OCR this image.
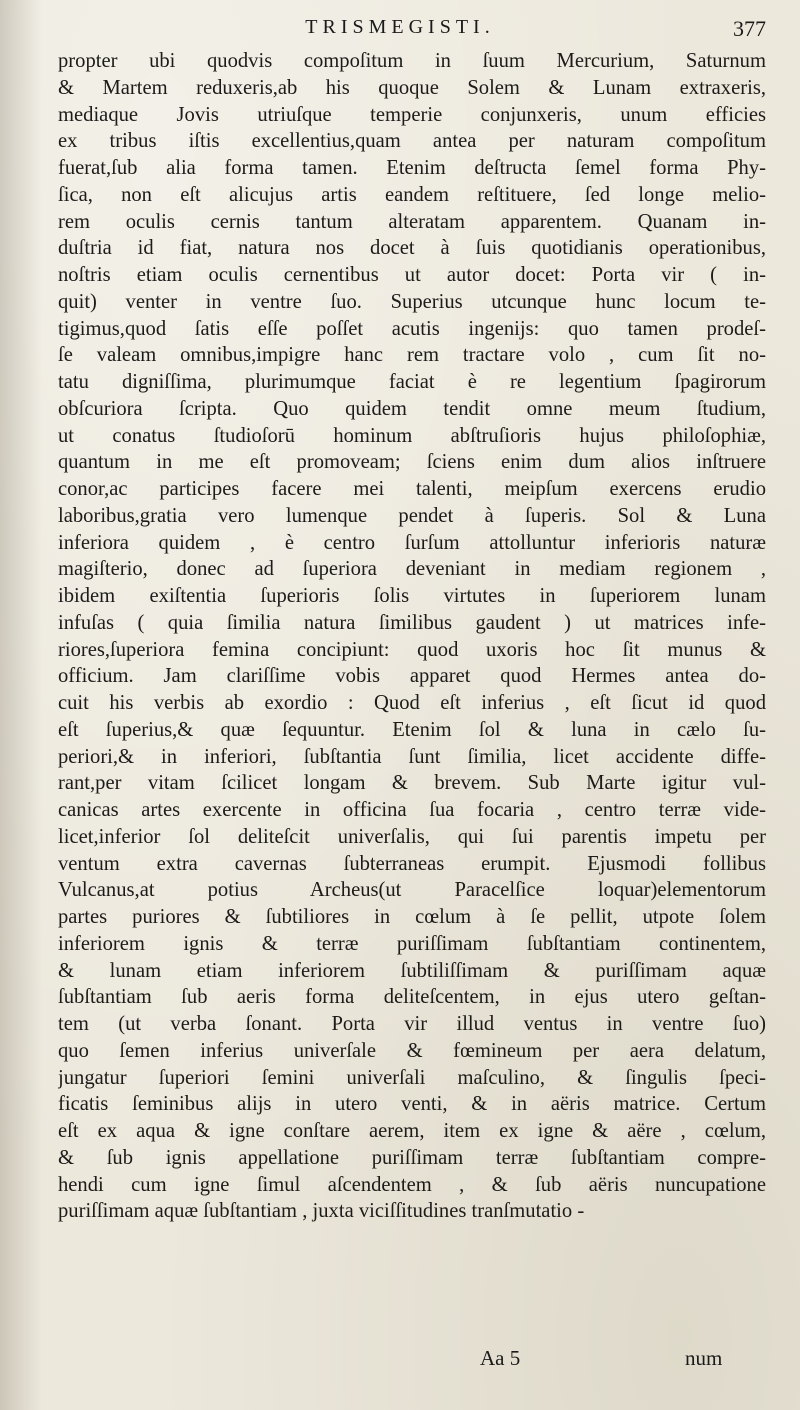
TRISMEGISTI.	377
propter ubi quodvis compoſitum in ſuum Mercurium, Saturnum
& Martem reduxeris,ab his quoque Solem & Lunam extraxeris,
mediaque Jovis utriuſque temperie conjunxeris, unum efficies
ex tribus iſtis excellentius,quam antea per naturam compoſitum
fuerat,ſub alia forma tamen. Etenim deſtructa ſemel forma Phy-
ſica, non eſt alicujus artis eandem reſtituere, ſed longe melio-
rem oculis cernis tantum alteratam apparentem. Quanam in-
duſtria id fiat, natura nos docet à ſuis quotidianis operationibus,
noſtris etiam oculis cernentibus ut autor docet: Porta vir ( in-
quit) venter in ventre ſuo. Superius utcunque hunc locum te-
tigimus,quod ſatis eſſe poſſet acutis ingenijs: quo tamen prodeſ-
ſe valeam omnibus,impigre hanc rem tractare volo , cum ſit no-
tatu digniſſima, plurimumque faciat è re legentium ſpagirorum
obſcuriora ſcripta. Quo quidem tendit omne meum ſtudium,
ut conatus ſtudioſorū hominum abſtruſioris hujus philoſophiæ,
quantum in me eſt promoveam; ſciens enim dum alios inſtruere
conor,ac participes facere mei talenti, meipſum exercens erudio
laboribus,gratia vero lumenque pendet à ſuperis. Sol & Luna
inferiora quidem , è centro ſurſum attolluntur inferioris naturæ
magiſterio, donec ad ſuperiora deveniant in mediam regionem ,
ibidem exiſtentia ſuperioris ſolis virtutes in ſuperiorem lunam
infuſas ( quia ſimilia natura ſimilibus gaudent ) ut matrices infe-
riores,ſuperiora femina concipiunt: quod uxoris hoc ſit munus &
officium. Jam clariſſime vobis apparet quod Hermes antea do-
cuit his verbis ab exordio : Quod eſt inferius , eſt ſicut id quod
eſt ſuperius,& quæ ſequuntur. Etenim ſol & luna in cælo ſu-
periori,& in inferiori, ſubſtantia ſunt ſimilia, licet accidente diffe-
rant,per vitam ſcilicet longam & brevem. Sub Marte igitur vul-
canicas artes exercente in officina ſua focaria , centro terræ vide-
licet,inferior ſol deliteſcit univerſalis, qui ſui parentis impetu per
ventum extra cavernas ſubterraneas erumpit. Ejusmodi follibus
Vulcanus,at potius Archeus(ut Paracelſice loquar)elementorum
partes puriores & ſubtiliores in cœlum à ſe pellit, utpote ſolem
inferiorem ignis & terræ puriſſimam ſubſtantiam continentem,
& lunam etiam inferiorem ſubtiliſſimam & puriſſimam aquæ
ſubſtantiam ſub aeris forma deliteſcentem, in ejus utero geſtan-
tem (ut verba ſonant. Porta vir illud ventus in ventre ſuo)
quo ſemen inferius univerſale & fœmineum per aera delatum,
jungatur ſuperiori ſemini univerſali maſculino, & ſingulis ſpeci-
ficatis ſeminibus alijs in utero venti, & in aëris matrice. Certum
eſt ex aqua & igne conſtare aerem, item ex igne & aëre , cœlum,
& ſub ignis appellatione puriſſimam terræ ſubſtantiam compre-
hendi cum igne ſimul aſcendentem , & ſub aëris nuncupatione
puriſſimam aquæ ſubſtantiam , juxta viciſſitudines tranſmutatio -
Aa 5	num
